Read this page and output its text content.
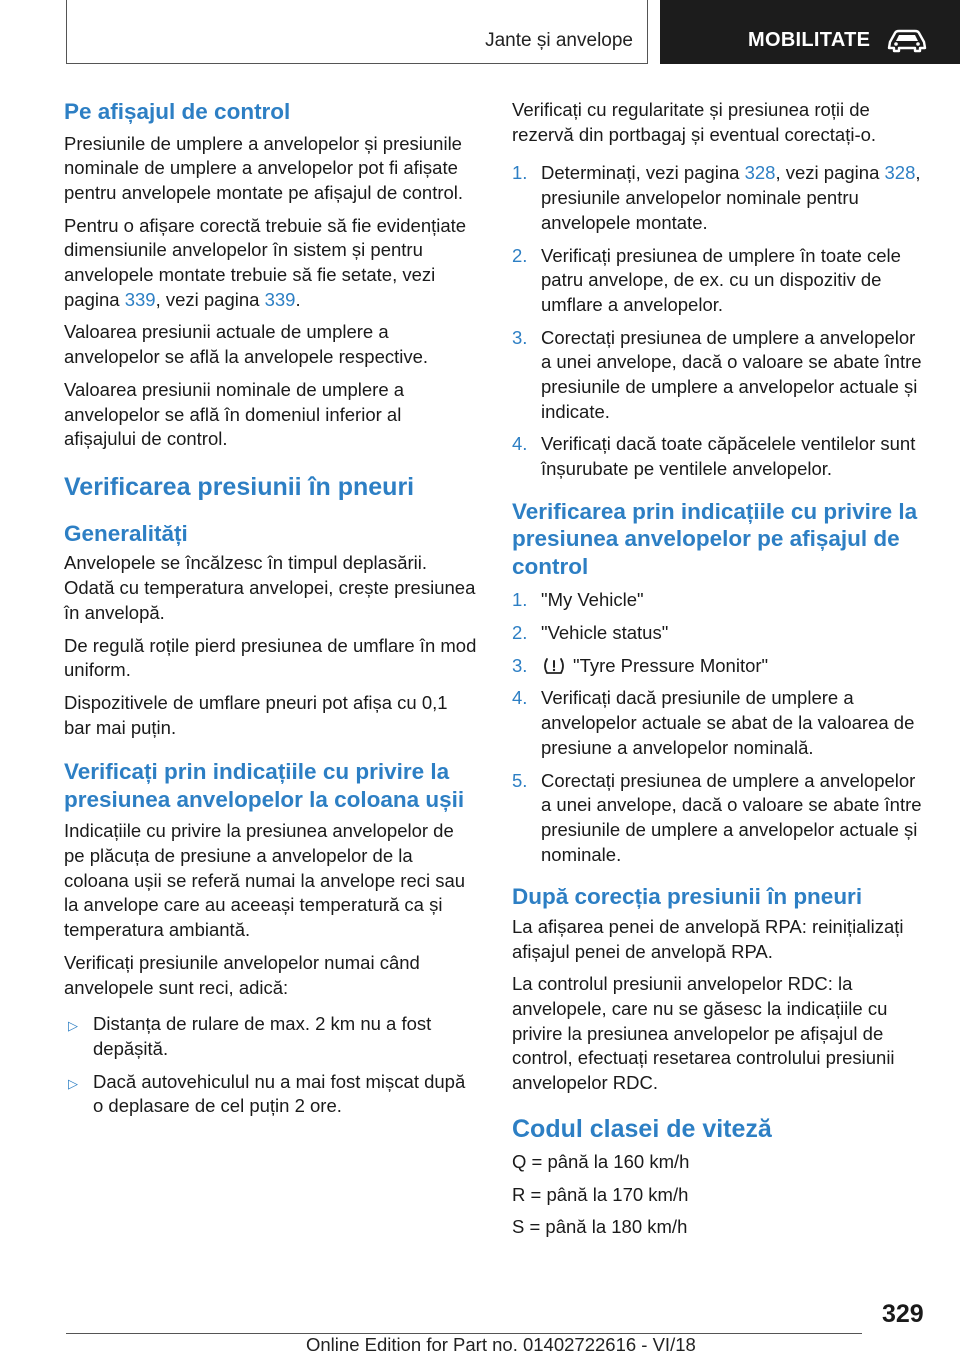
Jante și anvelope	MOBILITATE
Pe afișajul de control

Presiunile de umplere a anvelopelor și presiunile nominale de umplere a anvelopelor pot fi afișate pentru anvelopele montate pe afișajul de control.

Pentru o afișare corectă trebuie să fie evidențiate dimensiunile anvelopelor în sistem și pentru anvelopele montate trebuie să fie setate, vezi pagina 339, vezi pagina 339.

Valoarea presiunii actuale de umplere a anvelopelor se află la anvelopele respective.

Valoarea presiunii nominale de umplere a anvelopelor se află în domeniul inferior al afișajului de control.

Verificarea presiunii în pneuri
Generalități

Anvelopele se încălzesc în timpul deplasării. Odată cu temperatura anvelopei, crește presiunea în anvelopă.

De regulă roțile pierd presiunea de umflare în mod uniform.

Dispozitivele de umflare pneuri pot afișa cu 0,1 bar mai puțin.

Verificați prin indicațiile cu privire la presiunea anvelopelor la coloana ușii

Indicațiile cu privire la presiunea anvelopelor de pe plăcuța de presiune a anvelopelor de la coloana ușii se referă numai la anvelope reci sau la anvelope care au aceeași temperatură ca și temperatura ambiantă.

Verificați presiunile anvelopelor numai când anvelopele sunt reci, adică:

▷ Distanța de rulare de max. 2 km nu a fost depășită.
▷ Dacă autovehiculul nu a mai fost mișcat după o deplasare de cel puțin 2 ore.

Verificați cu regularitate și presiunea roții de rezervă din portbagaj și eventual corectați-o.

1. Determinați, vezi pagina 328, vezi pagina 328, presiunile anvelopelor nominale pentru anvelopele montate.
2. Verificați presiunea de umplere în toate cele patru anvelope, de ex. cu un dispozitiv de umflare a anvelopelor.
3. Corectați presiunea de umplere a anvelopelor a unei anvelope, dacă o valoare se abate între presiunile de umplere a anvelopelor actuale și indicate.
4. Verificați dacă toate căpăcelele ventilelor sunt înșurubate pe ventilele anvelopelor.
Verificarea prin indicațiile cu privire la presiunea anvelopelor pe afișajul de control
1. "My Vehicle"
2. "Vehicle status"
3. "Tyre Pressure Monitor"
4. Verificați dacă presiunile de umplere a anvelopelor actuale se abat de la valoarea de presiune a anvelopelor nominală.
5. Corectați presiunea de umplere a anvelopelor a unei anvelope, dacă o valoare se abate între presiunile de umplere a anvelopelor actuale și nominale.
După corecția presiunii în pneuri

La afișarea penei de anvelopă RPA: reinițializați afișajul penei de anvelopă RPA.

La controlul presiunii anvelopelor RDC: la anvelopele, care nu se găsesc la indicațiile cu privire la presiunea anvelopelor pe afișajul de control, efectuați resetarea controlului presiunii anvelopelor RDC.

Codul clasei de viteză

Q = până la 160 km/h

R = până la 170 km/h

S = până la 180 km/h

329
Online Edition for Part no. 01402722616 - VI/18
